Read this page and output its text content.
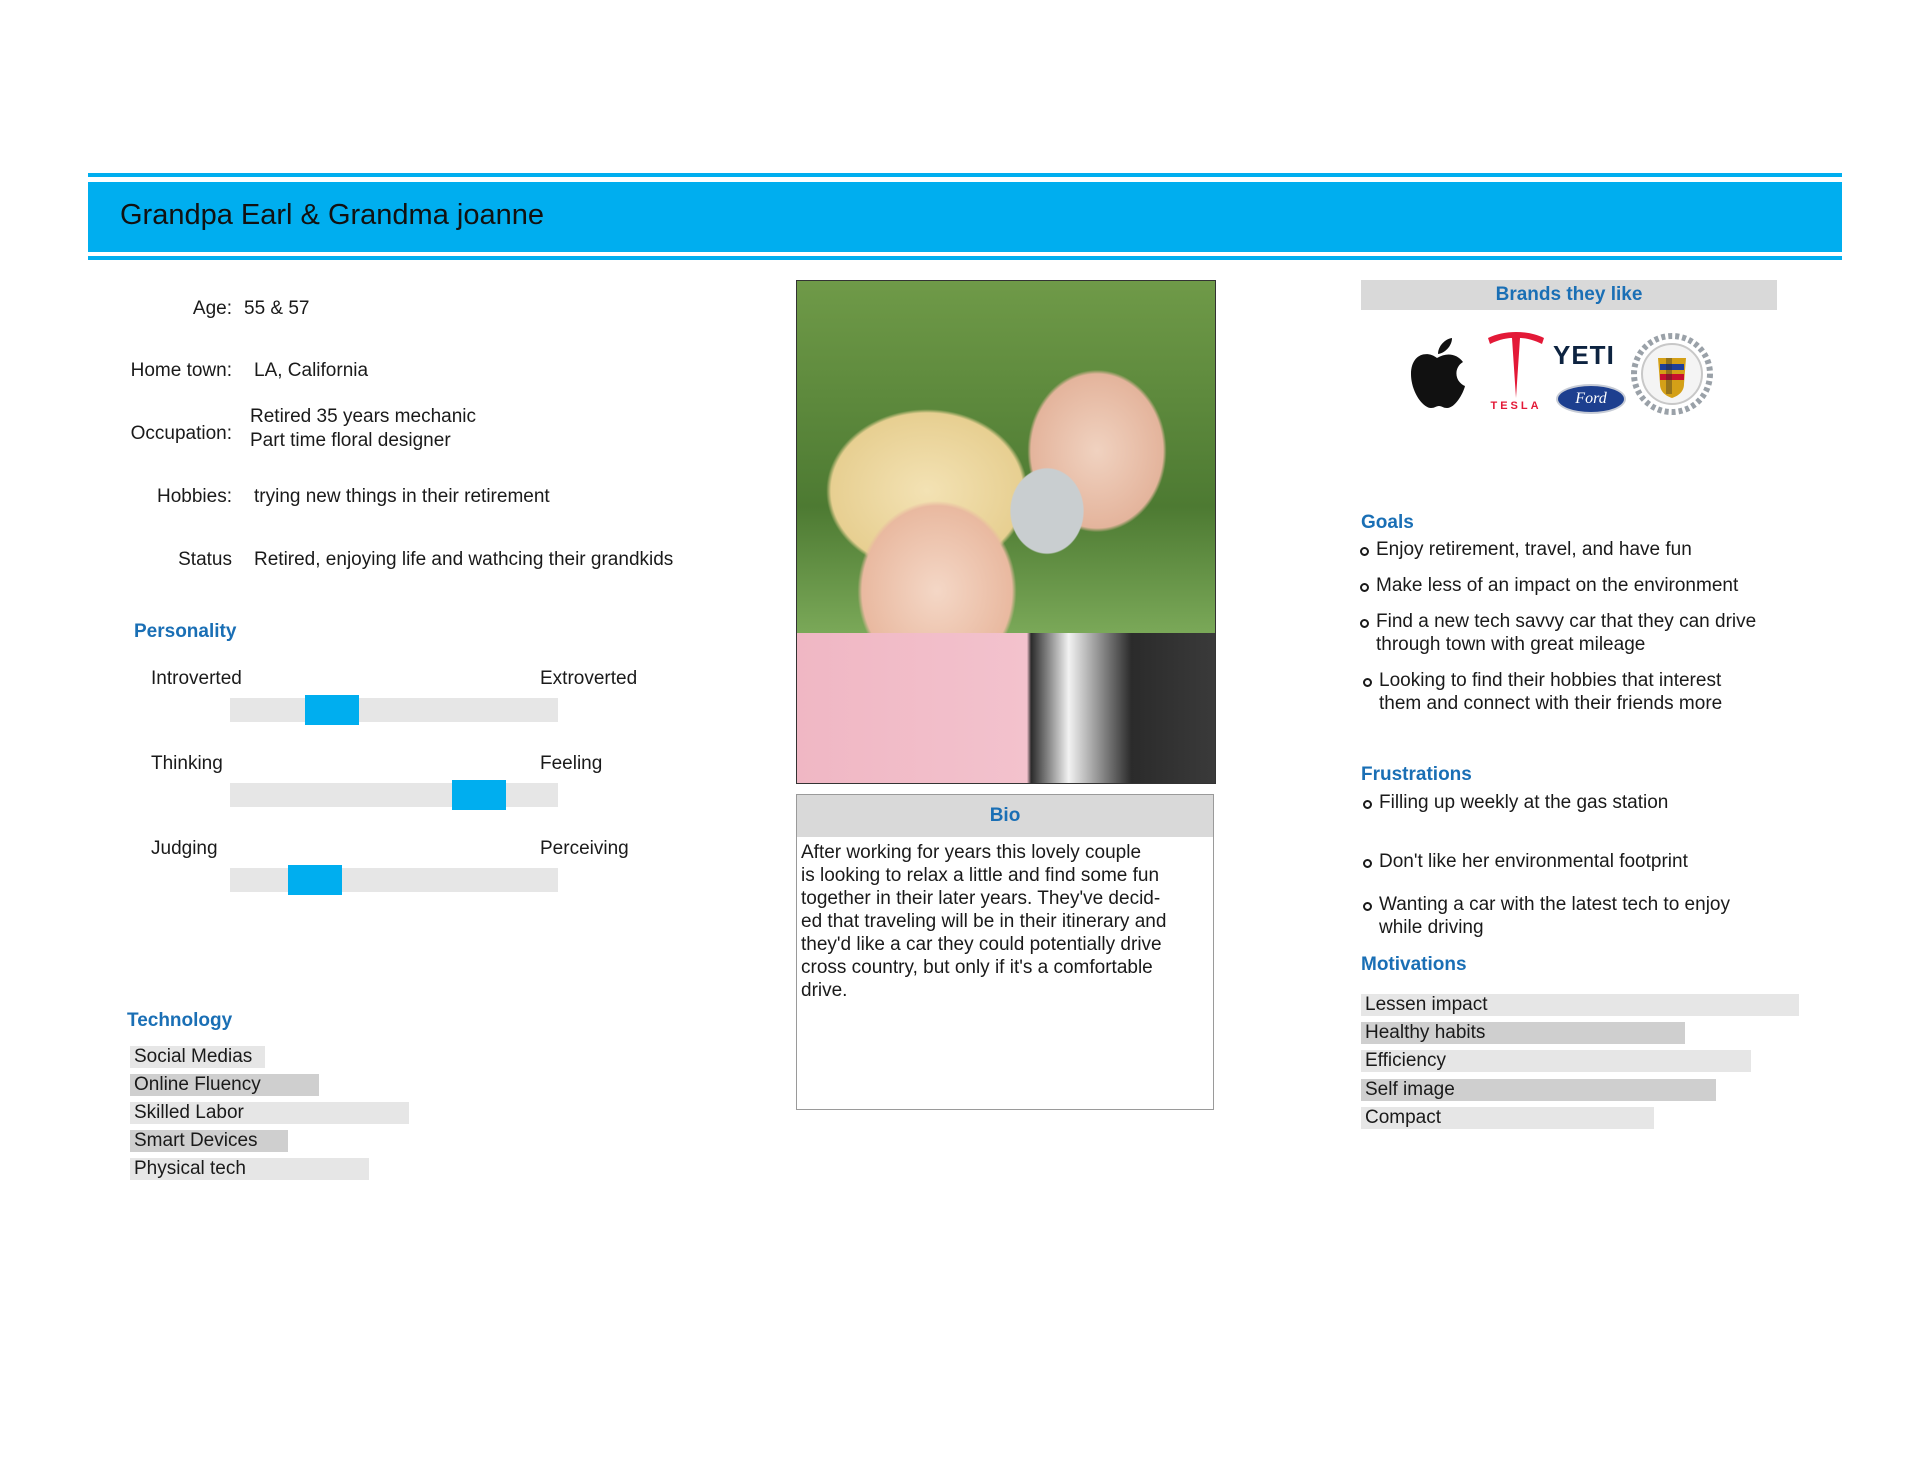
Grandpa Earl & Grandma joanne
Age: 55 & 57
Home town: LA, California
Occupation:
Retired 35 years mechanic
Part time floral designer
Hobbies: trying new things in their retirement
Status Retired, enjoying life and wathcing their grandkids
Personality
Introverted	Extroverted
Thinking	Feeling
Judging	Perceiving
Technology
Social Medias
Online Fluency
Skilled Labor
Smart Devices
Physical tech
Bio
After working for years this lovely couple
is looking to relax a little and find some fun
together in their later years. They've decid-
ed that traveling will be in their itinerary and
they'd like a car they could potentially drive
cross country, but only if it's a comfortable
drive.
Brands they like
TESLA
YETI
Ford
Goals
Enjoy retirement, travel, and have fun
Make less of an impact on the environment
Find a new tech savvy car that they can drive
through town with great mileage
Looking to find their hobbies that interest
them and connect with their friends more
Frustrations
Filling up weekly at the gas station
Don't like her environmental footprint
Wanting a car with the latest tech to enjoy
while driving
Motivations
Lessen impact
Healthy habits
Efficiency
Self image
Compact
